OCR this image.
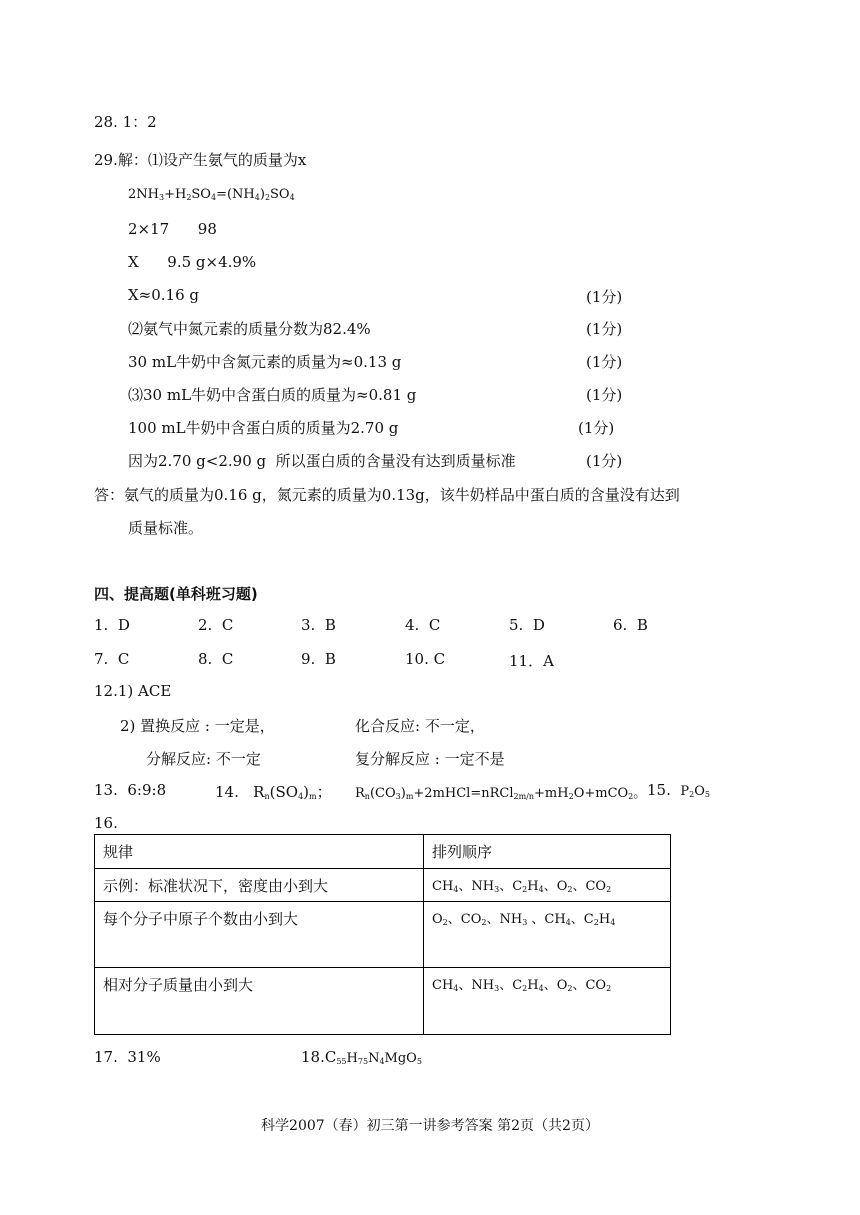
28. 1：2
29.解：⑴设产生氨气的质量为x
$2NH_3+H_2SO_4=(NH_4)_2SO_4$
2×17      98
X      9.5 g×4.9%
X≈0.16 g	(1分)
⑵氨气中氮元素的质量分数为82.4%	(1分)
30 mL牛奶中含氮元素的质量为≈0.13 g	(1分)
⑶30 mL牛奶中含蛋白质的质量为≈0.81 g	(1分)
100 mL牛奶中含蛋白质的质量为2.70 g	(1分)
因为2.70 g<2.90 g  所以蛋白质的含量没有达到质量标准	(1分)
答：氨气的质量为0.16 g，氮元素的质量为0.13g，该牛奶样品中蛋白质的含量没有达到
质量标准。
四、提高题(单科班习题)
1.  D	2.  C	3.  B	4.  C	5.  D	6.  B
7.  C	8.  C	9.  B	10. C	11．A
12.1) ACE
2) 置换反应 : 一定是，	化合反应: 不一定，
分解反应: 不一定	复分解反应 : 一定不是
13.  6:9:8	14. $R_n(SO_4)_m$； $R_n(CO_3)_m+2mHCl=nRCl_{2m/n}+mH_2O+mCO_2$。 15. $P_2O_5$
16.
规律	排列顺序
示例：标准状况下，密度由小到大	$CH_4$、$NH_3$、$C_2H_4$、$O_2$、$CO_2$
每个分子中原子个数由小到大	$O_2$、$CO_2$、$NH_3$ 、$CH_4$、$C_2H_4$
相对分子质量由小到大	$CH_4$、$NH_3$、$C_2H_4$、$O_2$、$CO_2$
17.  31%	$18.C_{55}H_{75}N_4MgO_5$
科学2007（春）初三第一讲参考答案 第2页（共2页）
